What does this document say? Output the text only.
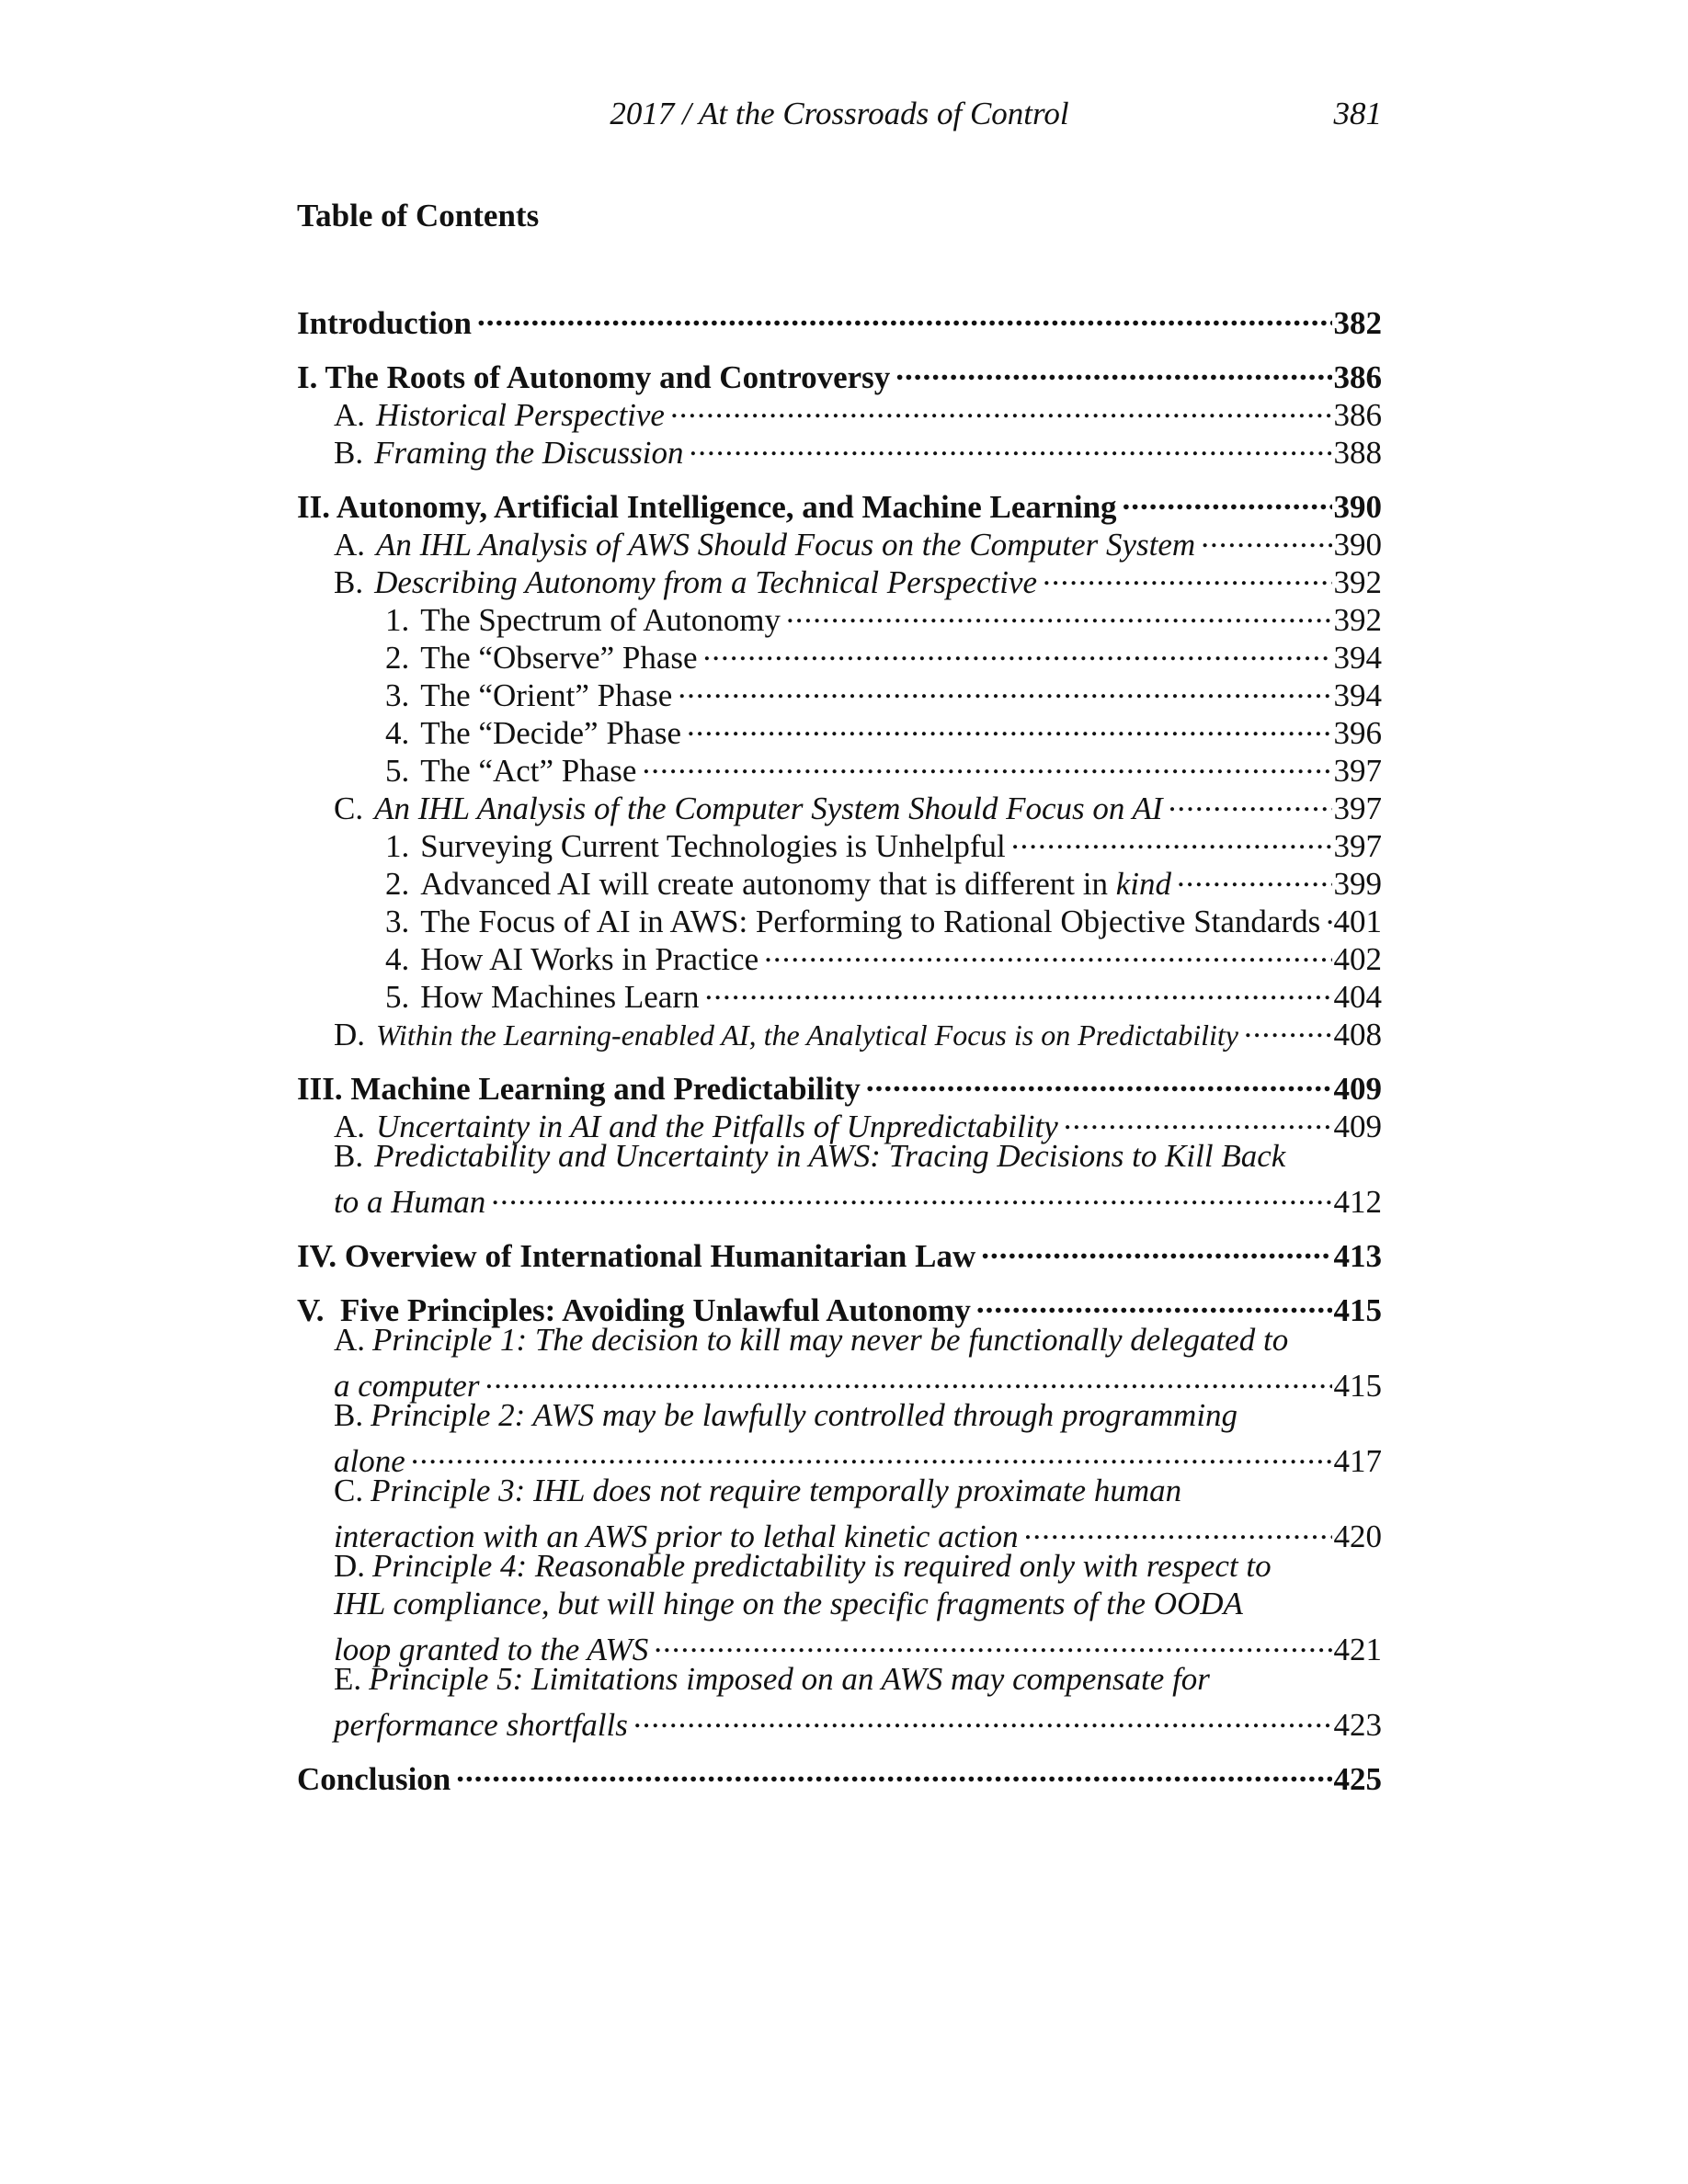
2017 / At the Crossroads of Control	381
Table of Contents
Introduction .....	382
I. The Roots of Autonomy and Controversy .....	386
A. Historical Perspective .....	386
B. Framing the Discussion .....	388
II. Autonomy, Artificial Intelligence, and Machine Learning .....	390
A. An IHL Analysis of AWS Should Focus on the Computer System .....	390
B. Describing Autonomy from a Technical Perspective .....	392
1. The Spectrum of Autonomy .....	392
2. The “Observe” Phase .....	394
3. The “Orient” Phase .....	394
4. The “Decide” Phase .....	396
5. The “Act” Phase .....	397
C. An IHL Analysis of the Computer System Should Focus on AI .....	397
1. Surveying Current Technologies is Unhelpful .....	397
2. Advanced AI will create autonomy that is different in kind .....	399
3. The Focus of AI in AWS: Performing to Rational Objective Standards ..... 401
4. How AI Works in Practice .....	402
5. How Machines Learn .....	404
D. Within the Learning-enabled AI, the Analytical Focus is on Predictability .....	408
III. Machine Learning and Predictability .....	409
A. Uncertainty in AI and the Pitfalls of Unpredictability .....	409
B. Predictability and Uncertainty in AWS: Tracing Decisions to Kill Back
to a Human .....	412
IV. Overview of International Humanitarian Law .....	413
V.  Five Principles: Avoiding Unlawful Autonomy .....	415
A. Principle 1: The decision to kill may never be functionally delegated to
a computer .....	415
B. Principle 2: AWS may be lawfully controlled through programming
alone .....	417
C. Principle 3: IHL does not require temporally proximate human
interaction with an AWS prior to lethal kinetic action .....	420
D. Principle 4: Reasonable predictability is required only with respect to
IHL compliance, but will hinge on the specific fragments of the OODA
loop granted to the AWS .....	421
E. Principle 5: Limitations imposed on an AWS may compensate for
performance shortfalls .....	423
Conclusion .....	425
